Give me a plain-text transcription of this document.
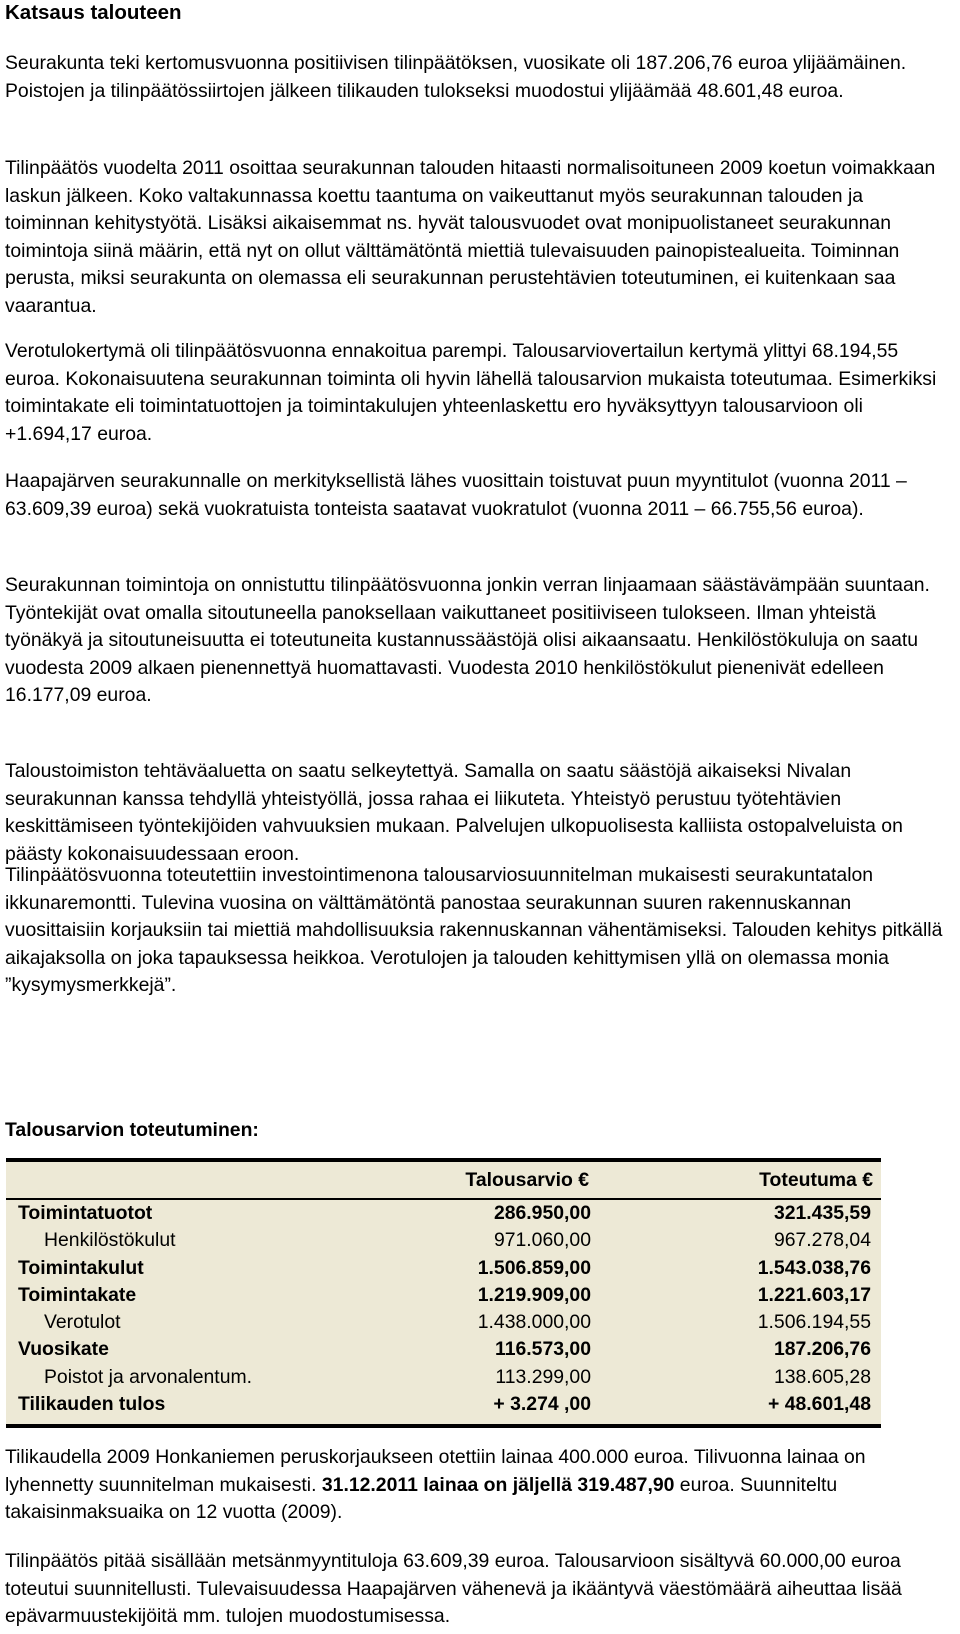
Katsaus talouteen

Seurakunta teki kertomusvuonna positiivisen tilinpäätöksen, vuosikate oli 187.206,76 euroa ylijäämäinen. Poistojen ja tilinpäätössiirtojen jälkeen tilikauden tulokseksi muodostui ylijäämää 48.601,48 euroa.

Tilinpäätös vuodelta 2011 osoittaa seurakunnan talouden hitaasti normalisoituneen 2009 koetun voimakkaan laskun jälkeen. Koko valtakunnassa koettu taantuma on vaikeuttanut myös seurakunnan talouden ja toiminnan kehitystyötä. Lisäksi aikaisemmat ns. hyvät talousvuodet ovat monipuolistaneet seurakunnan toimintoja siinä määrin, että nyt on ollut välttämätöntä miettiä tulevaisuuden painopistealueita. Toiminnan perusta, miksi seurakunta on olemassa eli seurakunnan perustehtävien toteutuminen, ei kuitenkaan saa vaarantua.

Verotulokertymä oli tilinpäätösvuonna ennakoitua parempi. Talousarviovertailun kertymä ylittyi 68.194,55 euroa. Kokonaisuutena seurakunnan toiminta oli hyvin lähellä talousarvion mukaista toteutumaa. Esimerkiksi toimintakate eli toimintatuottojen ja toimintakulujen yhteenlaskettu ero hyväksyttyyn talousarvioon oli +1.694,17 euroa.

Haapajärven seurakunnalle on merkityksellistä lähes vuosittain toistuvat puun myyntitulot (vuonna 2011 – 63.609,39 euroa) sekä vuokratuista tonteista saatavat vuokratulot (vuonna 2011 – 66.755,56 euroa).

Seurakunnan toimintoja on onnistuttu tilinpäätösvuonna jonkin verran linjaamaan säästävämpään suuntaan. Työntekijät ovat omalla sitoutuneella panoksellaan vaikuttaneet positiiviseen tulokseen. Ilman yhteistä työnäkyä ja sitoutuneisuutta ei toteutuneita kustannussäästöjä olisi aikaansaatu. Henkilöstökuluja on saatu vuodesta 2009 alkaen pienennettyä huomattavasti. Vuodesta 2010 henkilöstökulut pienenivät edelleen 16.177,09 euroa.

Taloustoimiston tehtäväaluetta on saatu selkeytettyä. Samalla on saatu säästöjä aikaiseksi Nivalan seurakunnan kanssa tehdyllä yhteistyöllä, jossa rahaa ei liikuteta. Yhteistyö perustuu työtehtävien keskittämiseen työntekijöiden vahvuuksien mukaan. Palvelujen ulkopuolisesta kalliista ostopalveluista on päästy kokonaisuudessaan eroon.

Tilinpäätösvuonna toteutettiin investointimenona talousarviosuunnitelman mukaisesti seurakuntatalon ikkunaremontti. Tulevina vuosina on välttämätöntä panostaa seurakunnan suuren rakennuskannan vuosittaisiin korjauksiin tai miettiä mahdollisuuksia rakennuskannan vähentämiseksi. Talouden kehitys pitkällä aikajaksolla on joka tapauksessa heikkoa. Verotulojen ja talouden kehittymisen yllä on olemassa monia ”kysymysmerkkejä”.

Talousarvion toteutuminen:
	Talousarvio €	Toteutuma €
Toimintatuotot	286.950,00	321.435,59
Henkilöstökulut	971.060,00	967.278,04
Toimintakulut	1.506.859,00	1.543.038,76
Toimintakate	1.219.909,00	1.221.603,17
Verotulot	1.438.000,00	1.506.194,55
Vuosikate	116.573,00	187.206,76
Poistot ja arvonalentum.	113.299,00	138.605,28
Tilikauden tulos	+ 3.274 ,00	+ 48.601,48

Tilikaudella 2009 Honkaniemen peruskorjaukseen otettiin lainaa 400.000 euroa. Tilivuonna lainaa on lyhennetty suunnitelman mukaisesti. 31.12.2011 lainaa on jäljellä 319.487,90 euroa. Suunniteltu takaisinmaksuaika on 12 vuotta (2009).

Tilinpäätös pitää sisällään metsänmyyntituloja 63.609,39 euroa. Talousarvioon sisältyvä 60.000,00 euroa toteutui suunnitellusti. Tulevaisuudessa Haapajärven vähenevä ja ikääntyvä väestömäärä aiheuttaa lisää epävarmuustekijöitä mm. tulojen muodostumisessa.
